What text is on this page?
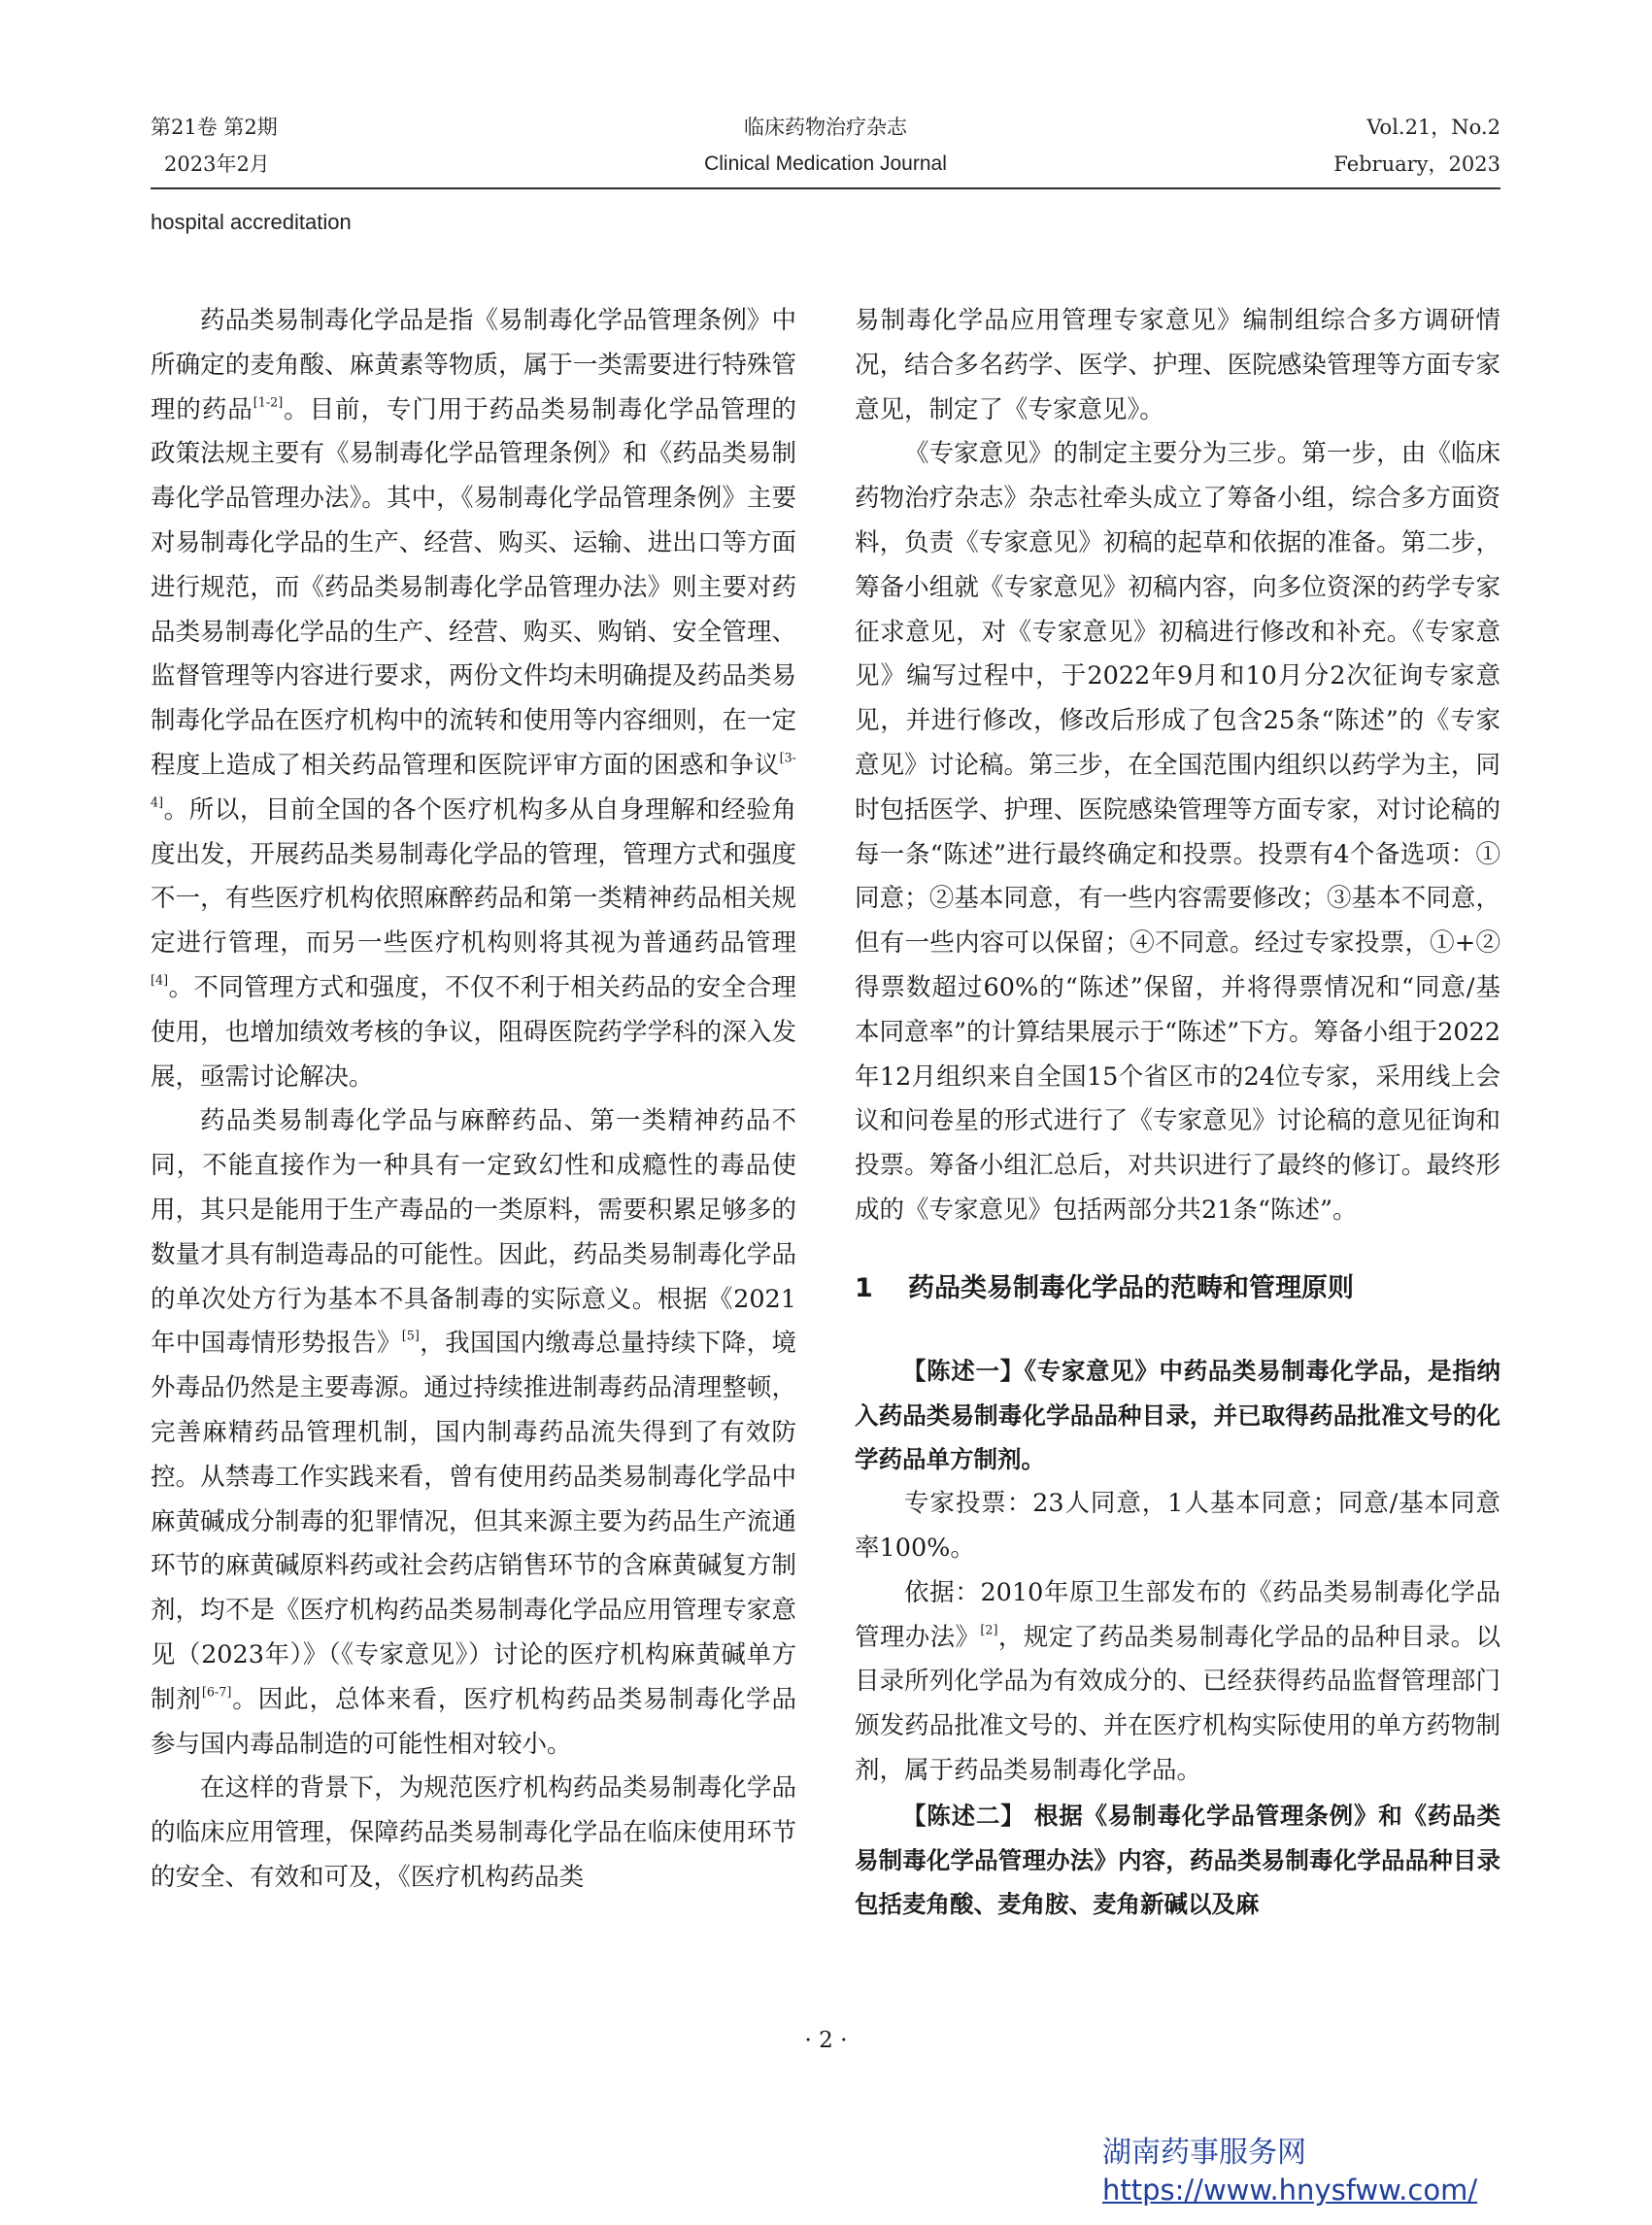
第21卷 第2期
2023年2月
临床药物治疗杂志
Clinical Medication Journal
Vol.21，No.2
February，2023
hospital accreditation

药品类易制毒化学品是指《易制毒化学品管理条例》中所确定的麦角酸、麻黄素等物质，属于一类需要进行特殊管理的药品[1-2]。目前，专门用于药品类易制毒化学品管理的政策法规主要有《易制毒化学品管理条例》和《药品类易制毒化学品管理办法》。其中，《易制毒化学品管理条例》主要对易制毒化学品的生产、经营、购买、运输、进出口等方面进行规范，而《药品类易制毒化学品管理办法》则主要对药品类易制毒化学品的生产、经营、购买、购销、安全管理、监督管理等内容进行要求，两份文件均未明确提及药品类易制毒化学品在医疗机构中的流转和使用等内容细则，在一定程度上造成了相关药品管理和医院评审方面的困惑和争议[3-4]。所以，目前全国的各个医疗机构多从自身理解和经验角度出发，开展药品类易制毒化学品的管理，管理方式和强度不一，有些医疗机构依照麻醉药品和第一类精神药品相关规定进行管理，而另一些医疗机构则将其视为普通药品管理[4]。不同管理方式和强度，不仅不利于相关药品的安全合理使用，也增加绩效考核的争议，阻碍医院药学学科的深入发展，亟需讨论解决。

药品类易制毒化学品与麻醉药品、第一类精神药品不同，不能直接作为一种具有一定致幻性和成瘾性的毒品使用，其只是能用于生产毒品的一类原料，需要积累足够多的数量才具有制造毒品的可能性。因此，药品类易制毒化学品的单次处方行为基本不具备制毒的实际意义。根据《2021年中国毒情形势报告》[5]，我国国内缴毒总量持续下降，境外毒品仍然是主要毒源。通过持续推进制毒药品清理整顿，完善麻精药品管理机制，国内制毒药品流失得到了有效防控。从禁毒工作实践来看，曾有使用药品类易制毒化学品中麻黄碱成分制毒的犯罪情况，但其来源主要为药品生产流通环节的麻黄碱原料药或社会药店销售环节的含麻黄碱复方制剂，均不是《医疗机构药品类易制毒化学品应用管理专家意见（2023年）》（《专家意见》）讨论的医疗机构麻黄碱单方制剂[6-7]。因此，总体来看，医疗机构药品类易制毒化学品参与国内毒品制造的可能性相对较小。

在这样的背景下，为规范医疗机构药品类易制毒化学品的临床应用管理，保障药品类易制毒化学品在临床使用环节的安全、有效和可及，《医疗机构药品类

易制毒化学品应用管理专家意见》编制组综合多方调研情况，结合多名药学、医学、护理、医院感染管理等方面专家意见，制定了《专家意见》。

《专家意见》的制定主要分为三步。第一步，由《临床药物治疗杂志》杂志社牵头成立了筹备小组，综合多方面资料，负责《专家意见》初稿的起草和依据的准备。第二步，筹备小组就《专家意见》初稿内容，向多位资深的药学专家征求意见，对《专家意见》初稿进行修改和补充。《专家意见》编写过程中，于2022年9月和10月分2次征询专家意见，并进行修改，修改后形成了包含25条“陈述”的《专家意见》讨论稿。第三步，在全国范围内组织以药学为主，同时包括医学、护理、医院感染管理等方面专家，对讨论稿的每一条“陈述”进行最终确定和投票。投票有4个备选项：①同意；②基本同意，有一些内容需要修改；③基本不同意，但有一些内容可以保留；④不同意。经过专家投票，①+②得票数超过60%的“陈述”保留，并将得票情况和“同意/基本同意率”的计算结果展示于“陈述”下方。筹备小组于2022年12月组织来自全国15个省区市的24位专家，采用线上会议和问卷星的形式进行了《专家意见》讨论稿的意见征询和投票。筹备小组汇总后，对共识进行了最终的修订。最终形成的《专家意见》包括两部分共21条“陈述”。

1 药品类易制毒化学品的范畴和管理原则

【陈述一】《专家意见》中药品类易制毒化学品，是指纳入药品类易制毒化学品品种目录，并已取得药品批准文号的化学药品单方制剂。

专家投票：23人同意，1人基本同意；同意/基本同意率100%。

依据：2010年原卫生部发布的《药品类易制毒化学品管理办法》[2]，规定了药品类易制毒化学品的品种目录。以目录所列化学品为有效成分的、已经获得药品监督管理部门颁发药品批准文号的、并在医疗机构实际使用的单方药物制剂，属于药品类易制毒化学品。

【陈述二】 根据《易制毒化学品管理条例》和《药品类易制毒化学品管理办法》内容，药品类易制毒化学品品种目录包括麦角酸、麦角胺、麦角新碱以及麻

· 2 ·
湖南药事服务网
https://www.hnysfww.com/
